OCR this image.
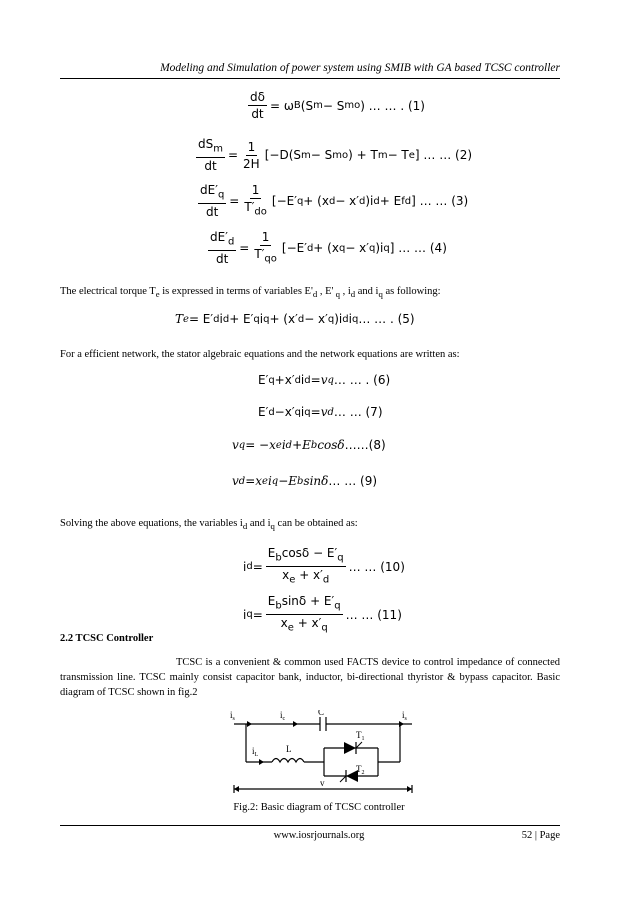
Modeling and Simulation of power system using SMIB with GA based TCSC controller
$\frac{d\delta}{dt} = \omega$ B (S m − S mo ) … … . (1)
$\frac{dS_m}{dt} = \frac{1}{2H} [-D(S$ m − S mo ) + T m − T e ] … … (2)
$\frac{dE'_q}{dt} = \frac{1}{T'_{do}} [-E'$ q + (x d − x′ d )i d + E fd ] … … (3)
$\frac{dE'_d}{dt} = \frac{1}{T'_{qo}} [-E'$ d + (x q − x′ q )i q ] … … (4)
The electrical torque $T_e$ is expressed in terms of variables $E'_d$ , E' $_q$ , $i_d$ and $i_q$ as following:
T e = E′ d i d + E′ q i q + (x′ d − x′ q )i d i q … … . (5)
For a efficient network, the stator algebraic equations and the network equations are written as:
E′ q +x′ d i d = v q … … . (6)
E′ d −x′ q i q = v d … … (7)
v q = − x e i d + E b cosδ ……(8)
v d = x e i q − E b sinδ … … (9)
Solving the above equations, the variables $i_d$ and $i_q$ can be obtained as:
i $d = \frac{E_b\cos\delta - E'_q}{x_e + x'_d}$ … … (10)
i $q = \frac{E_b\sin\delta + E'_q}{x_e + x'_q}$ … … (11)
2.2 TCSC Controller
TCSC is a convenient & common used FACTS device to control impedance of connected transmission line. TCSC mainly consist capacitor bank, inductor, bi-directional thyristor & bypass capacitor. Basic diagram of TCSC shown in fig.2
$i_s$	$i_c$
C	$i_s$
$i_L$
L
$T_1$
$T_2$
v
Fig.2: Basic diagram of TCSC controller
www.iosrjournals.org	52 | Page
